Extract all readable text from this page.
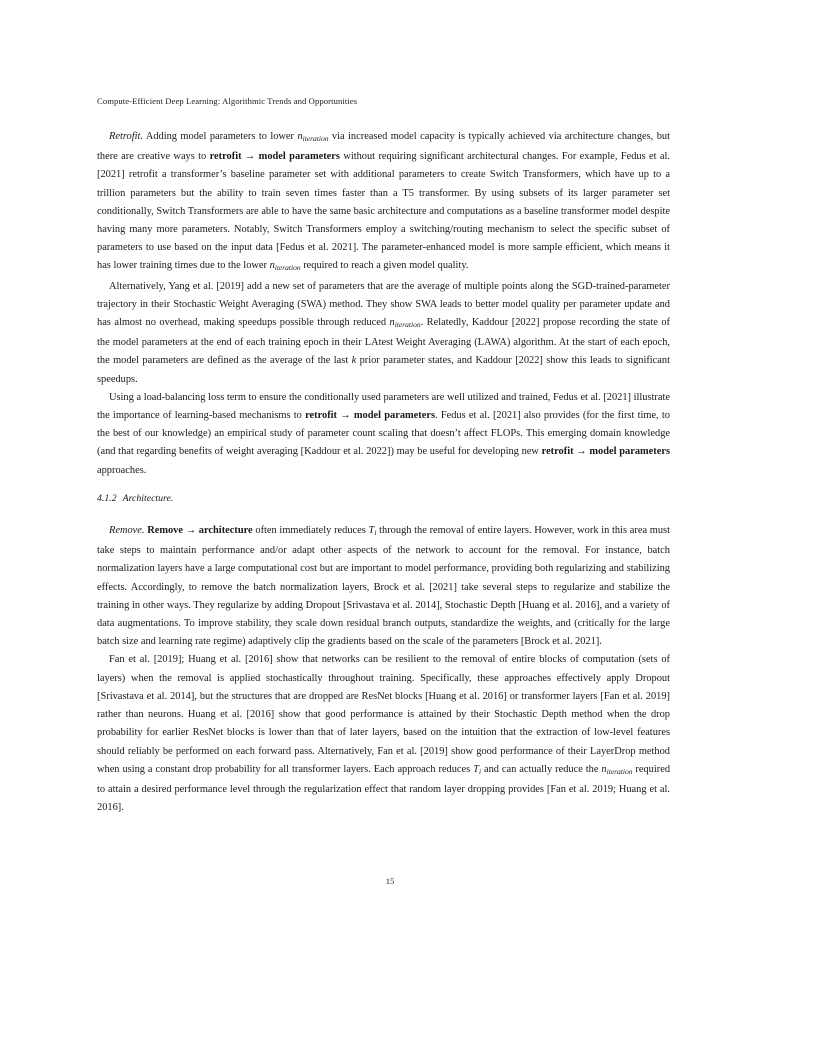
Compute-Efficient Deep Learning: Algorithmic Trends and Opportunities

Retrofit. Adding model parameters to lower $n_{iteration}$ via increased model capacity is typically achieved via architecture changes, but there are creative ways to retrofit → model parameters without requiring significant architectural changes. For example, Fedus et al. [2021] retrofit a transformer’s baseline parameter set with additional parameters to create Switch Transformers, which have up to a trillion parameters but the ability to train seven times faster than a T5 transformer. By using subsets of its larger parameter set conditionally, Switch Transformers are able to have the same basic architecture and computations as a baseline transformer model despite having many more parameters. Notably, Switch Transformers employ a switching/routing mechanism to select the specific subset of parameters to use based on the input data [Fedus et al. 2021]. The parameter-enhanced model is more sample efficient, which means it has lower training times due to the lower $n_{iteration}$ required to reach a given model quality.

Alternatively, Yang et al. [2019] add a new set of parameters that are the average of multiple points along the SGD-trained-parameter trajectory in their Stochastic Weight Averaging (SWA) method. They show SWA leads to better model quality per parameter update and has almost no overhead, making speedups possible through reduced $n_{iteration}$. Relatedly, Kaddour [2022] propose recording the state of the model parameters at the end of each training epoch in their LAtest Weight Averaging (LAWA) algorithm. At the start of each epoch, the model parameters are defined as the average of the last k prior parameter states, and Kaddour [2022] show this leads to significant speedups.

Using a load-balancing loss term to ensure the conditionally used parameters are well utilized and trained, Fedus et al. [2021] illustrate the importance of learning-based mechanisms to retrofit → model parameters. Fedus et al. [2021] also provides (for the first time, to the best of our knowledge) an empirical study of parameter count scaling that doesn’t affect FLOPs. This emerging domain knowledge (and that regarding benefits of weight averaging [Kaddour et al. 2022]) may be useful for developing new retrofit → model parameters approaches.

4.1.2 Architecture.

Remove. Remove → architecture often immediately reduces $T_i$ through the removal of entire layers. However, work in this area must take steps to maintain performance and/or adapt other aspects of the network to account for the removal. For instance, batch normalization layers have a large computational cost but are important to model performance, providing both regularizing and stabilizing effects. Accordingly, to remove the batch normalization layers, Brock et al. [2021] take several steps to regularize and stabilize the training in other ways. They regularize by adding Dropout [Srivastava et al. 2014], Stochastic Depth [Huang et al. 2016], and a variety of data augmentations. To improve stability, they scale down residual branch outputs, standardize the weights, and (critically for the large batch size and learning rate regime) adaptively clip the gradients based on the scale of the parameters [Brock et al. 2021].

Fan et al. [2019]; Huang et al. [2016] show that networks can be resilient to the removal of entire blocks of computation (sets of layers) when the removal is applied stochastically throughout training. Specifically, these approaches effectively apply Dropout [Srivastava et al. 2014], but the structures that are dropped are ResNet blocks [Huang et al. 2016] or transformer layers [Fan et al. 2019] rather than neurons. Huang et al. [2016] show that good performance is attained by their Stochastic Depth method when the drop probability for earlier ResNet blocks is lower than that of later layers, based on the intuition that the extraction of low-level features should reliably be performed on each forward pass. Alternatively, Fan et al. [2019] show good performance of their LayerDrop method when using a constant drop probability for all transformer layers. Each approach reduces $T_i$ and can actually reduce the $n_{iteration}$ required to attain a desired performance level through the regularization effect that random layer dropping provides [Fan et al. 2019; Huang et al. 2016].

15
